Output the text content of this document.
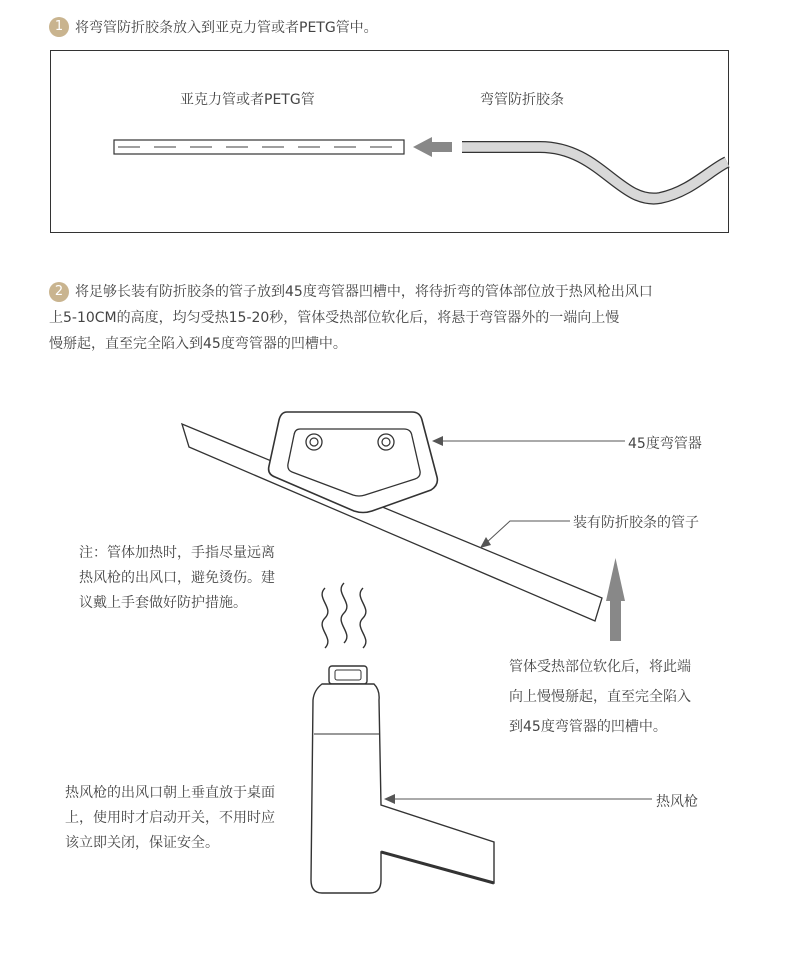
1 将弯管防折胶条放入到亚克力管或者PETG管中。
亚克力管或者PETG管	弯管防折胶条
2 将足够长装有防折胶条的管子放到45度弯管器凹槽中，将待折弯的管体部位放于热风枪出风口
上5-10CM的高度，均匀受热15-20秒，管体受热部位软化后，将悬于弯管器外的一端向上慢
慢掰起，直至完全陷入到45度弯管器的凹槽中。
45度弯管器
装有防折胶条的管子
注：管体加热时，手指尽量远离
热风枪的出风口，避免烫伤。建
议戴上手套做好防护措施。
管体受热部位软化后，将此端
向上慢慢掰起，直至完全陷入
到45度弯管器的凹槽中。
热风枪的出风口朝上垂直放于桌面
上，使用时才启动开关，不用时应
该立即关闭，保证安全。
热风枪
